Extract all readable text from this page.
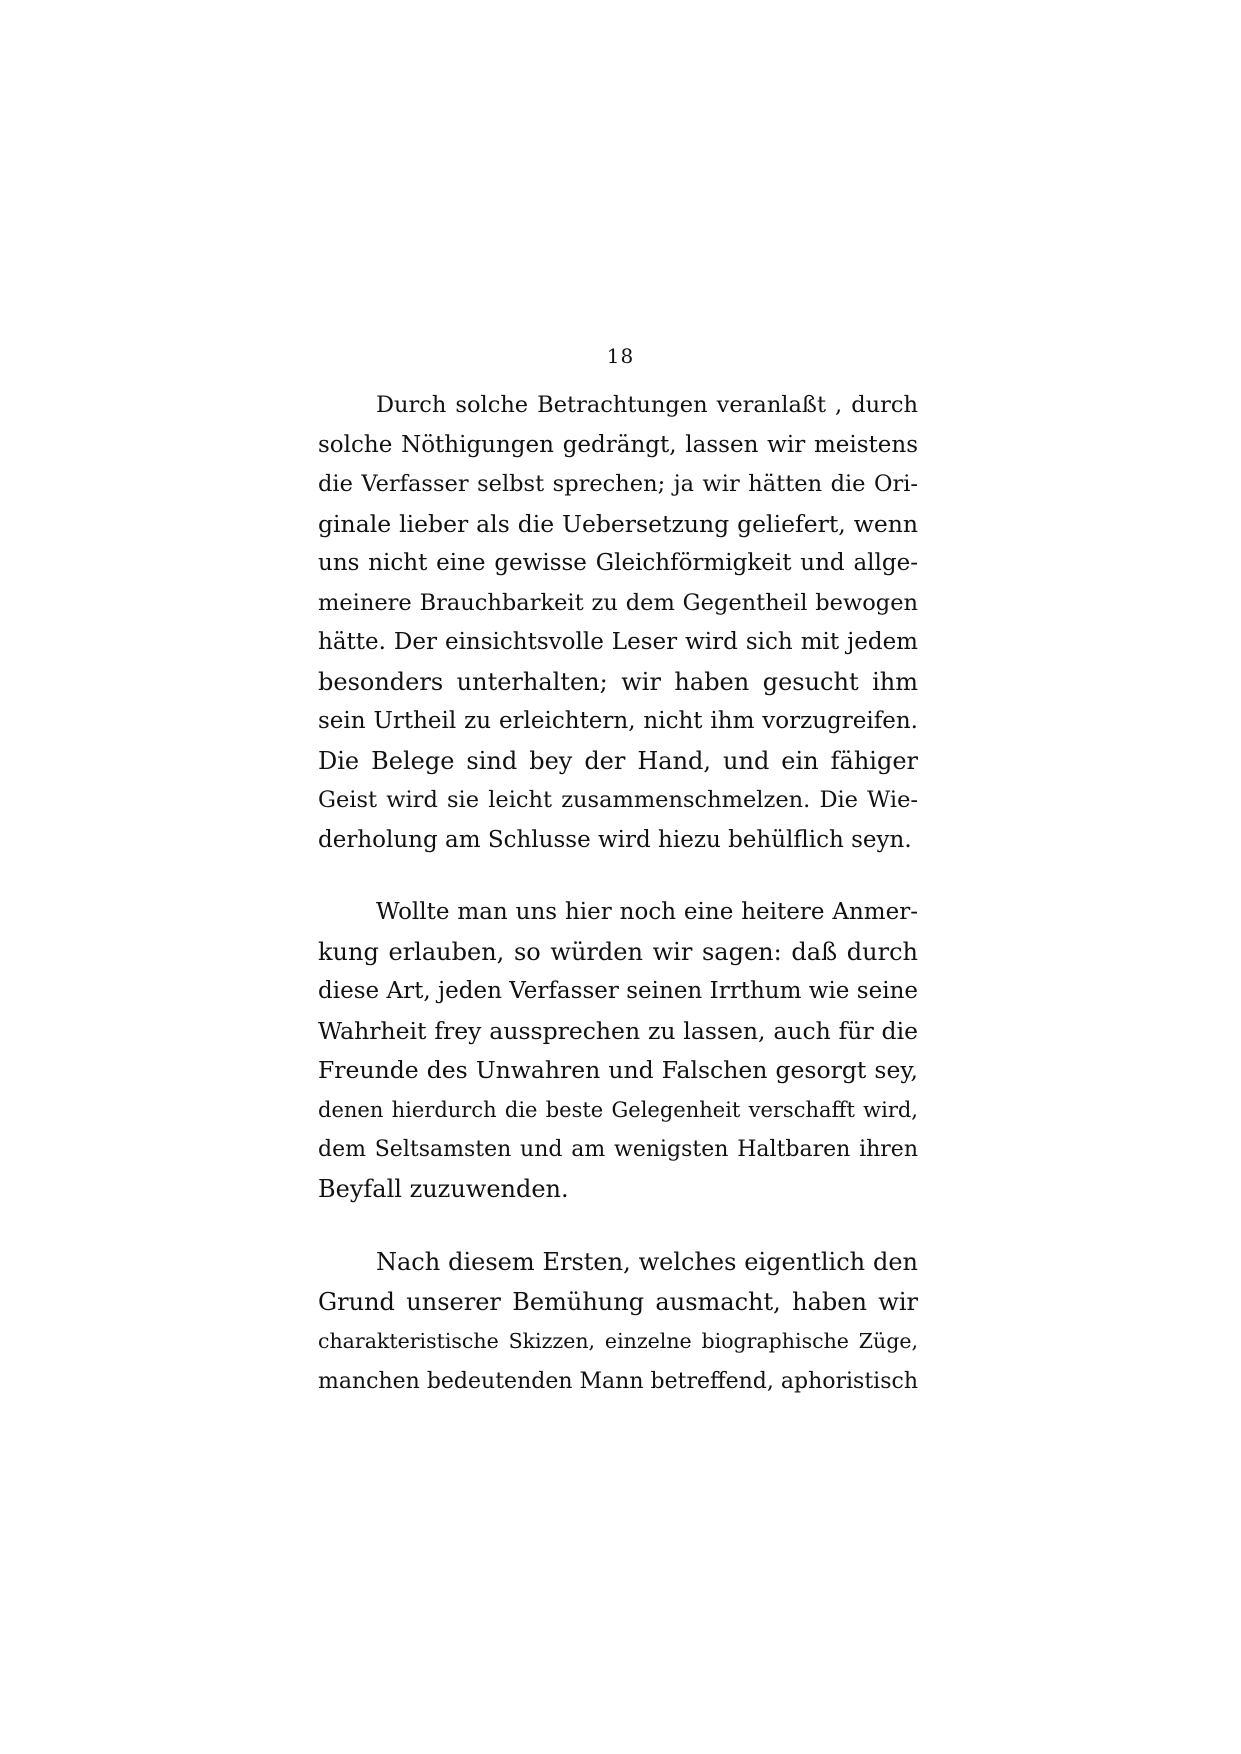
18
Durch solche Betrachtungen veranlaßt , durch
solche Nöthigungen gedrängt, lassen wir meistens
die Verfasser selbst sprechen; ja wir hätten die Ori-
ginale lieber als die Uebersetzung geliefert, wenn
uns nicht eine gewisse Gleichförmigkeit und allge-
meinere Brauchbarkeit zu dem Gegentheil bewogen
hätte. Der einsichtsvolle Leser wird sich mit jedem
besonders unterhalten; wir haben gesucht ihm
sein Urtheil zu erleichtern, nicht ihm vorzugreifen.
Die Belege sind bey der Hand, und ein fähiger
Geist wird sie leicht zusammenschmelzen. Die Wie-
derholung am Schlusse wird hiezu behülflich seyn.
Wollte man uns hier noch eine heitere Anmer-
kung erlauben, so würden wir sagen: daß durch
diese Art, jeden Verfasser seinen Irrthum wie seine
Wahrheit frey aussprechen zu lassen, auch für die
Freunde des Unwahren und Falschen gesorgt sey,
denen hierdurch die beste Gelegenheit verschafft wird,
dem Seltsamsten und am wenigsten Haltbaren ihren
Beyfall zuzuwenden.
Nach diesem Ersten, welches eigentlich den
Grund unserer Bemühung ausmacht, haben wir
charakteristische Skizzen, einzelne biographische Züge,
manchen bedeutenden Mann betreffend, aphoristisch
